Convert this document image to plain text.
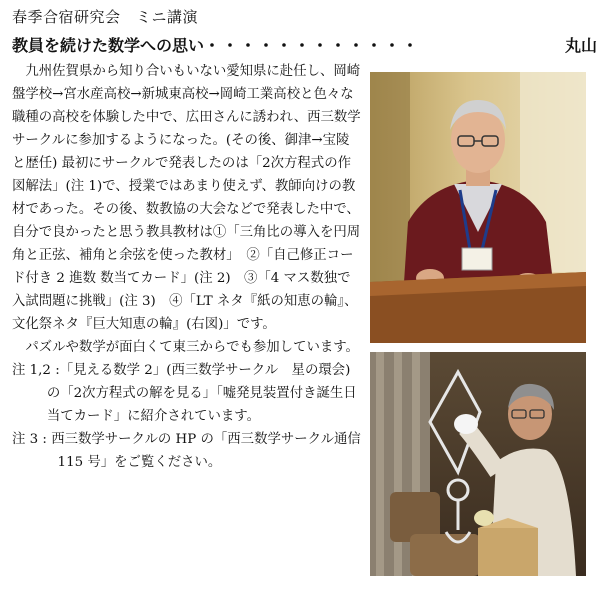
春季合宿研究会　 ミニ講演
教員を続けた数学への思い ・・・・・・・・・・・・	丸山

九州佐賀県から知り合いもいない愛知県に赴任し、岡崎盤学校→宮水産高校→新城東高校→岡崎工業高校と色々な職種の高校を体験した中で、広田さんに誘われ、西三数学サークルに参加するようになった。(その後、御津→宝陵と歴任) 最初にサークルで発表したのは「2次方程式の作図解法」(注 1)で、授業ではあまり使えず、教師向けの教材であった。その後、数教協の大会などで発表した中で、自分で良かったと思う教具教材は①「三角比の導入を円周角と正弦、補角と余弦を使った教材」　②「自己修正コード付き 2 進数 数当てカード」(注 2)　③「4 マス数独で入試問題に挑戦」(注 3)　④「LT ネタ『紙の知恵の輪』、文化祭ネタ『巨大知恵の輪』(右図)」です。

パズルや数学が面白くて東三からでも参加しています。

注 1,2 :「見える数学 2」(西三数学サークル　星の環会)の「2次方程式の解を見る」「嘘発見装置付き誕生日当てカード」に紹介されています。

注 3 : 西三数学サークルの HP の「西三数学サークル通信 115 号」をご覧ください。
